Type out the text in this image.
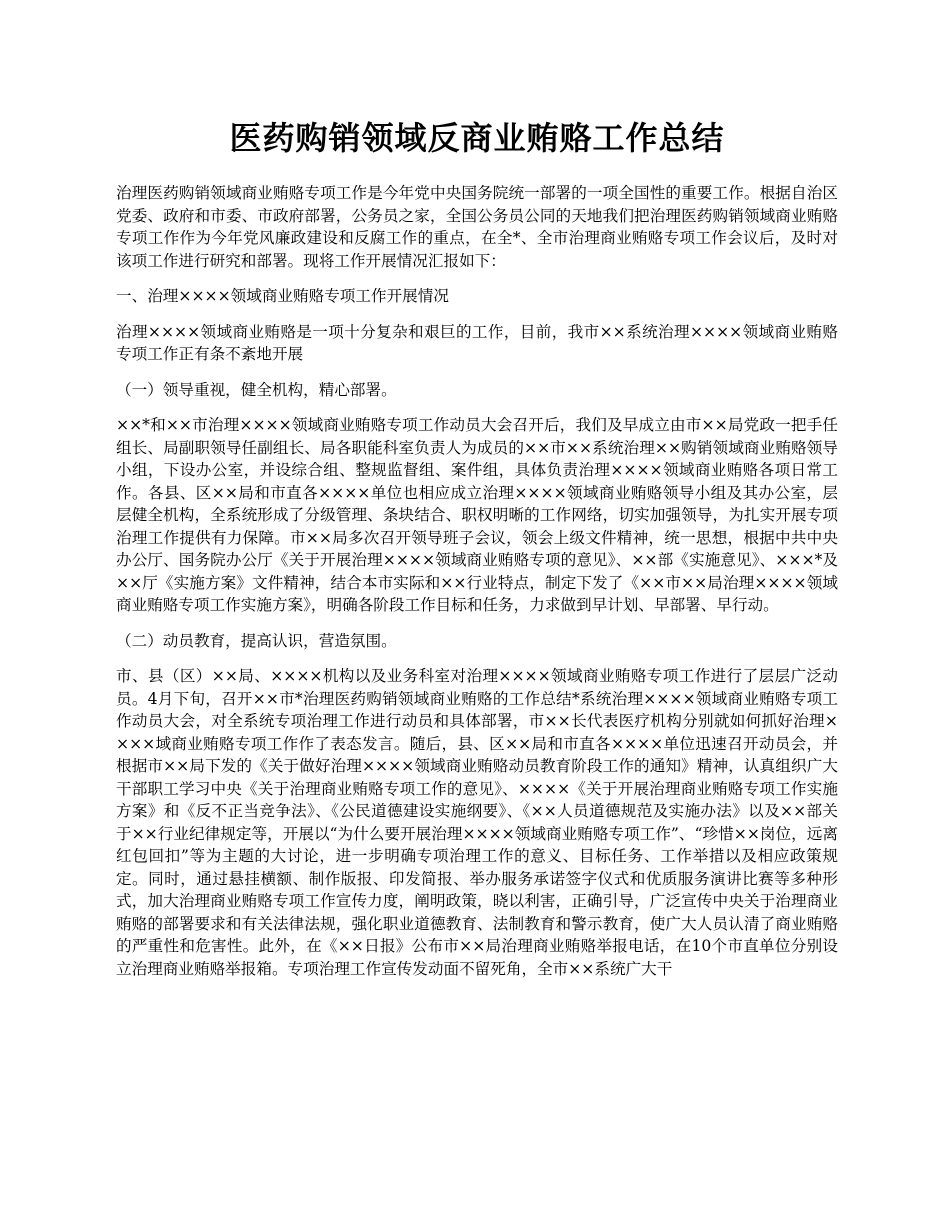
医药购销领域反商业贿赂工作总结

治理医药购销领域商业贿赂专项工作是今年党中央国务院统一部署的一项全国性的重要工作。根据自治区党委、政府和市委、市政府部署，公务员之家，全国公务员公同的天地我们把治理医药购销领域商业贿赂专项工作作为今年党风廉政建设和反腐工作的重点，在全*、全市治理商业贿赂专项工作会议后，及时对该项工作进行研究和部署。现将工作开展情况汇报如下：

一、治理××××领域商业贿赂专项工作开展情况

治理××××领域商业贿赂是一项十分复杂和艰巨的工作，目前，我市××系统治理××××领域商业贿赂专项工作正有条不紊地开展

（一）领导重视，健全机构，精心部署。

××*和××市治理××××领域商业贿赂专项工作动员大会召开后，我们及早成立由市××局党政一把手任组长、局副职领导任副组长、局各职能科室负责人为成员的××市××系统治理××购销领域商业贿赂领导小组，下设办公室，并设综合组、整规监督组、案件组，具体负责治理××××领域商业贿赂各项日常工作。各县、区××局和市直各××××单位也相应成立治理××××领域商业贿赂领导小组及其办公室，层层健全机构，全系统形成了分级管理、条块结合、职权明晰的工作网络，切实加强领导，为扎实开展专项治理工作提供有力保障。市××局多次召开领导班子会议，领会上级文件精神，统一思想，根据中共中央办公厅、国务院办公厅《关于开展治理××××领域商业贿赂专项的意见》、××部《实施意见》、×××*及××厅《实施方案》文件精神，结合本市实际和××行业特点，制定下发了《××市××局治理××××领域商业贿赂专项工作实施方案》，明确各阶段工作目标和任务，力求做到早计划、早部署、早行动。

（二）动员教育，提高认识，营造氛围。

市、县（区）××局、××××机构以及业务科室对治理××××领域商业贿赂专项工作进行了层层广泛动员。4月下旬，召开××市*治理医药购销领域商业贿赂的工作总结*系统治理××××领域商业贿赂专项工作动员大会，对全系统专项治理工作进行动员和具体部署，市××长代表医疗机构分别就如何抓好治理××××域商业贿赂专项工作作了表态发言。随后，县、区××局和市直各××××单位迅速召开动员会，并根据市××局下发的《关于做好治理××××领域商业贿赂动员教育阶段工作的通知》精神，认真组织广大干部职工学习中央《关于治理商业贿赂专项工作的意见》、××××《关于开展治理商业贿赂专项工作实施方案》和《反不正当竞争法》、《公民道德建设实施纲要》、《××人员道德规范及实施办法》以及××部关于××行业纪律规定等，开展以“为什么要开展治理××××领域商业贿赂专项工作”、“珍惜××岗位，远离红包回扣”等为主题的大讨论，进一步明确专项治理工作的意义、目标任务、工作举措以及相应政策规定。同时，通过悬挂横额、制作版报、印发简报、举办服务承诺签字仪式和优质服务演讲比赛等多种形式，加大治理商业贿赂专项工作宣传力度，阐明政策，晓以利害，正确引导，广泛宣传中央关于治理商业贿赂的部署要求和有关法律法规，强化职业道德教育、法制教育和警示教育，使广大人员认清了商业贿赂的严重性和危害性。此外，在《××日报》公布市××局治理商业贿赂举报电话，在10个市直单位分别设立治理商业贿赂举报箱。专项治理工作宣传发动面不留死角，全市××系统广大干
